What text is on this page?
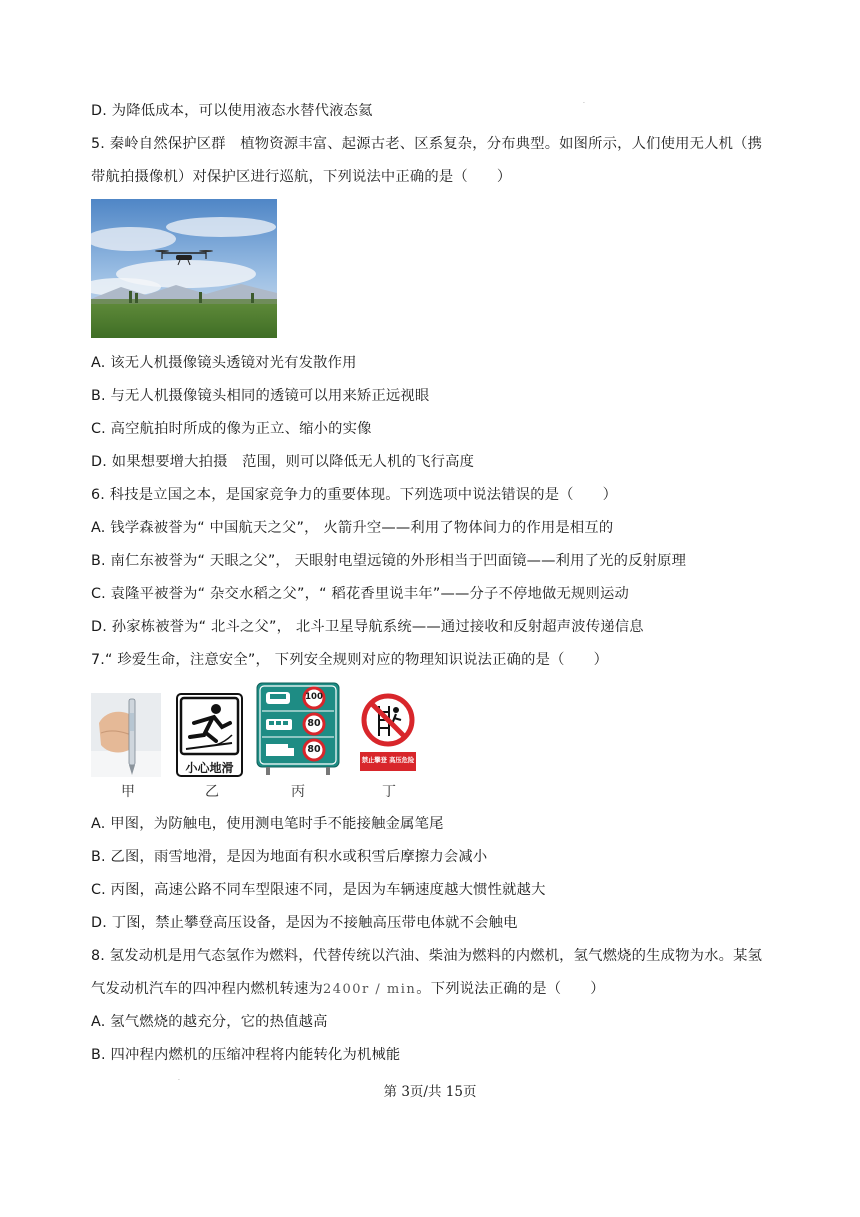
·
·
D. 为降低成本，可以使用液态水替代液态氦
5. 秦岭自然保护区群　植物资源丰富、起源古老、区系复杂，分布典型。如图所示，人们使用无人机（携
带航拍摄像机）对保护区进行巡航，下列说法中正确的是（　　）
A. 该无人机摄像镜头透镜对光有发散作用
B. 与无人机摄像镜头相同的透镜可以用来矫正远视眼
C. 高空航拍时所成的像为正立、缩小的实像
D. 如果想要增大拍摄　范围，则可以降低无人机的飞行高度
6. 科技是立国之本，是国家竞争力的重要体现。下列选项中说法错误的是（　　）
A. 钱学森被誉为“ 中国航天之父”， 火箭升空——利用了物体间力的作用是相互的
B. 南仁东被誉为“ 天眼之父”， 天眼射电望远镜的外形相当于凹面镜——利用了光的反射原理
C. 袁隆平被誉为“ 杂交水稻之父”，“ 稻花香里说丰年”——分子不停地做无规则运动
D. 孙家栋被誉为“ 北斗之父”， 北斗卫星导航系统——通过接收和反射超声波传递信息
7.“ 珍爱生命，注意安全”， 下列安全规则对应的物理知识说法正确的是（　　）
小心地滑
100
80
80
禁止攀登 高压危险
甲	乙	丙	丁
A. 甲图，为防触电，使用测电笔时手不能接触金属笔尾
B. 乙图，雨雪地滑，是因为地面有积水或积雪后摩擦力会减小
C. 丙图，高速公路不同车型限速不同，是因为车辆速度越大惯性就越大
D. 丁图，禁止攀登高压设备，是因为不接触高压带电体就不会触电
8. 氢发动机是用气态氢作为燃料，代替传统以汽油、柴油为燃料的内燃机，氢气燃烧的生成物为水。某氢
气发动机汽车的四冲程内燃机转速为2400r / min。下列说法正确的是（　　）
A. 氢气燃烧的越充分，它的热值越高
B. 四冲程内燃机的压缩冲程将内能转化为机械能
第 3页/共 15页
